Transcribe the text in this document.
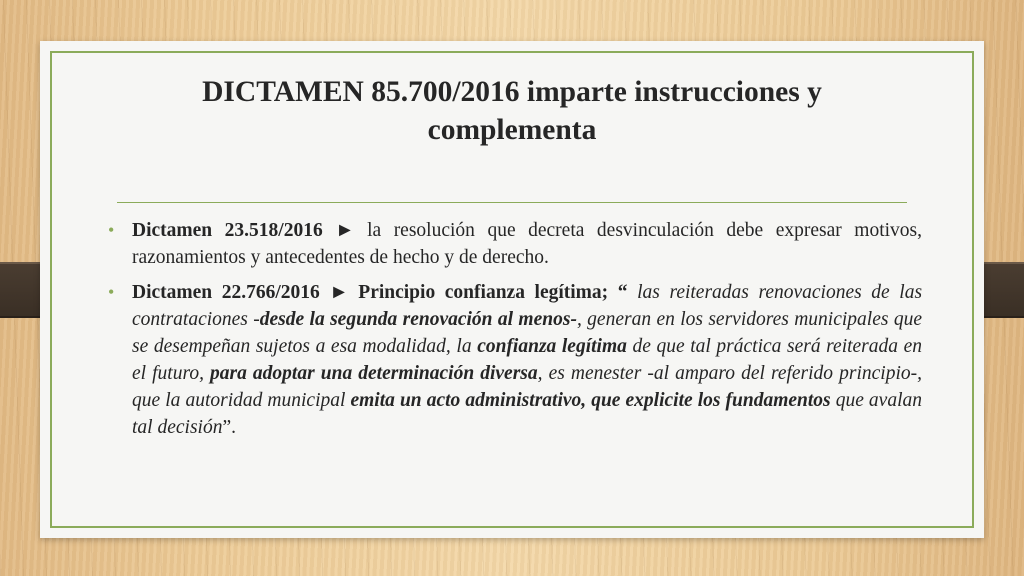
DICTAMEN 85.700/2016 imparte instrucciones y
complementa
• Dictamen 23.518/2016 ► la resolución que decreta desvinculación debe expresar motivos, razonamientos y antecedentes de hecho y de derecho.
• Dictamen 22.766/2016 ► Principio confianza legítima; “ las reiteradas renovaciones de las contrataciones -desde la segunda renovación al menos-, generan en los servidores municipales que se desempeñan sujetos a esa modalidad, la confianza legítima de que tal práctica será reiterada en el futuro, para adoptar una determinación diversa, es menester -al amparo del referido principio-, que la autoridad municipal emita un acto administrativo, que explicite los fundamentos que avalan tal decisión”.
